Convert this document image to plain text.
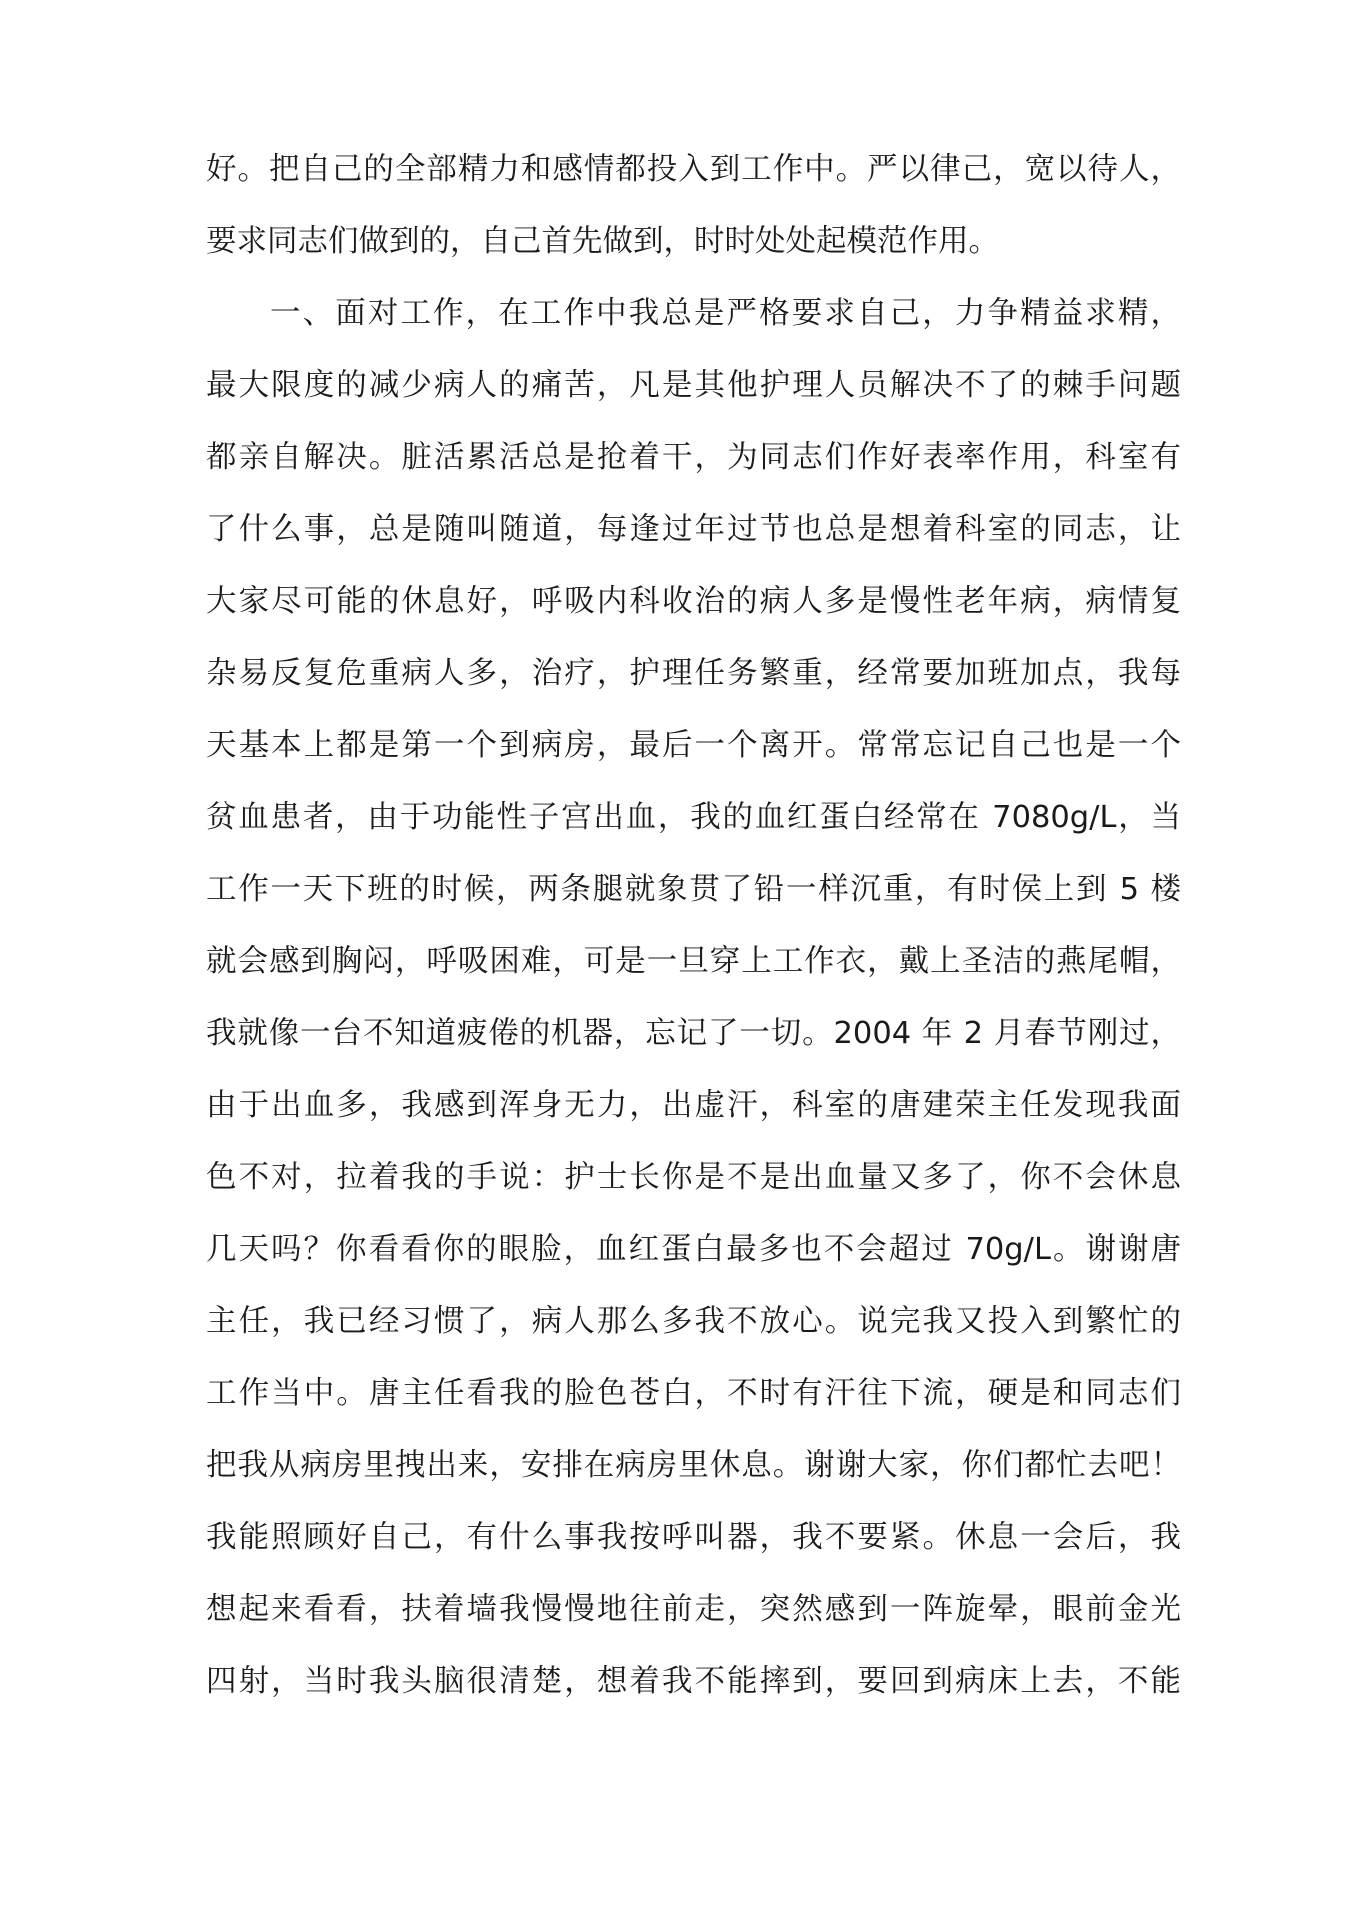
好。把自己的全部精力和感情都投入到工作中。严以律己，宽以待人，
要求同志们做到的，自己首先做到，时时处处起模范作用。
一、面对工作，在工作中我总是严格要求自己，力争精益求精，
最大限度的减少病人的痛苦，凡是其他护理人员解决不了的棘手问题
都亲自解决。脏活累活总是抢着干，为同志们作好表率作用，科室有
了什么事，总是随叫随道，每逢过年过节也总是想着科室的同志，让
大家尽可能的休息好，呼吸内科收治的病人多是慢性老年病，病情复
杂易反复危重病人多，治疗，护理任务繁重，经常要加班加点，我每
天基本上都是第一个到病房，最后一个离开。常常忘记自己也是一个
贫血患者，由于功能性子宫出血，我的血红蛋白经常在 7080g/L，当
工作一天下班的时候，两条腿就象贯了铅一样沉重，有时侯上到 5 楼
就会感到胸闷，呼吸困难，可是一旦穿上工作衣，戴上圣洁的燕尾帽，
我就像一台不知道疲倦的机器，忘记了一切。2004 年 2 月春节刚过，
由于出血多，我感到浑身无力，出虚汗，科室的唐建荣主任发现我面
色不对，拉着我的手说：护士长你是不是出血量又多了，你不会休息
几天吗？你看看你的眼脸，血红蛋白最多也不会超过 70g/L。谢谢唐
主任，我已经习惯了，病人那么多我不放心。说完我又投入到繁忙的
工作当中。唐主任看我的脸色苍白，不时有汗往下流，硬是和同志们
把我从病房里拽出来，安排在病房里休息。谢谢大家，你们都忙去吧！
我能照顾好自己，有什么事我按呼叫器，我不要紧。休息一会后，我
想起来看看，扶着墙我慢慢地往前走，突然感到一阵旋晕，眼前金光
四射，当时我头脑很清楚，想着我不能摔到，要回到病床上去，不能
